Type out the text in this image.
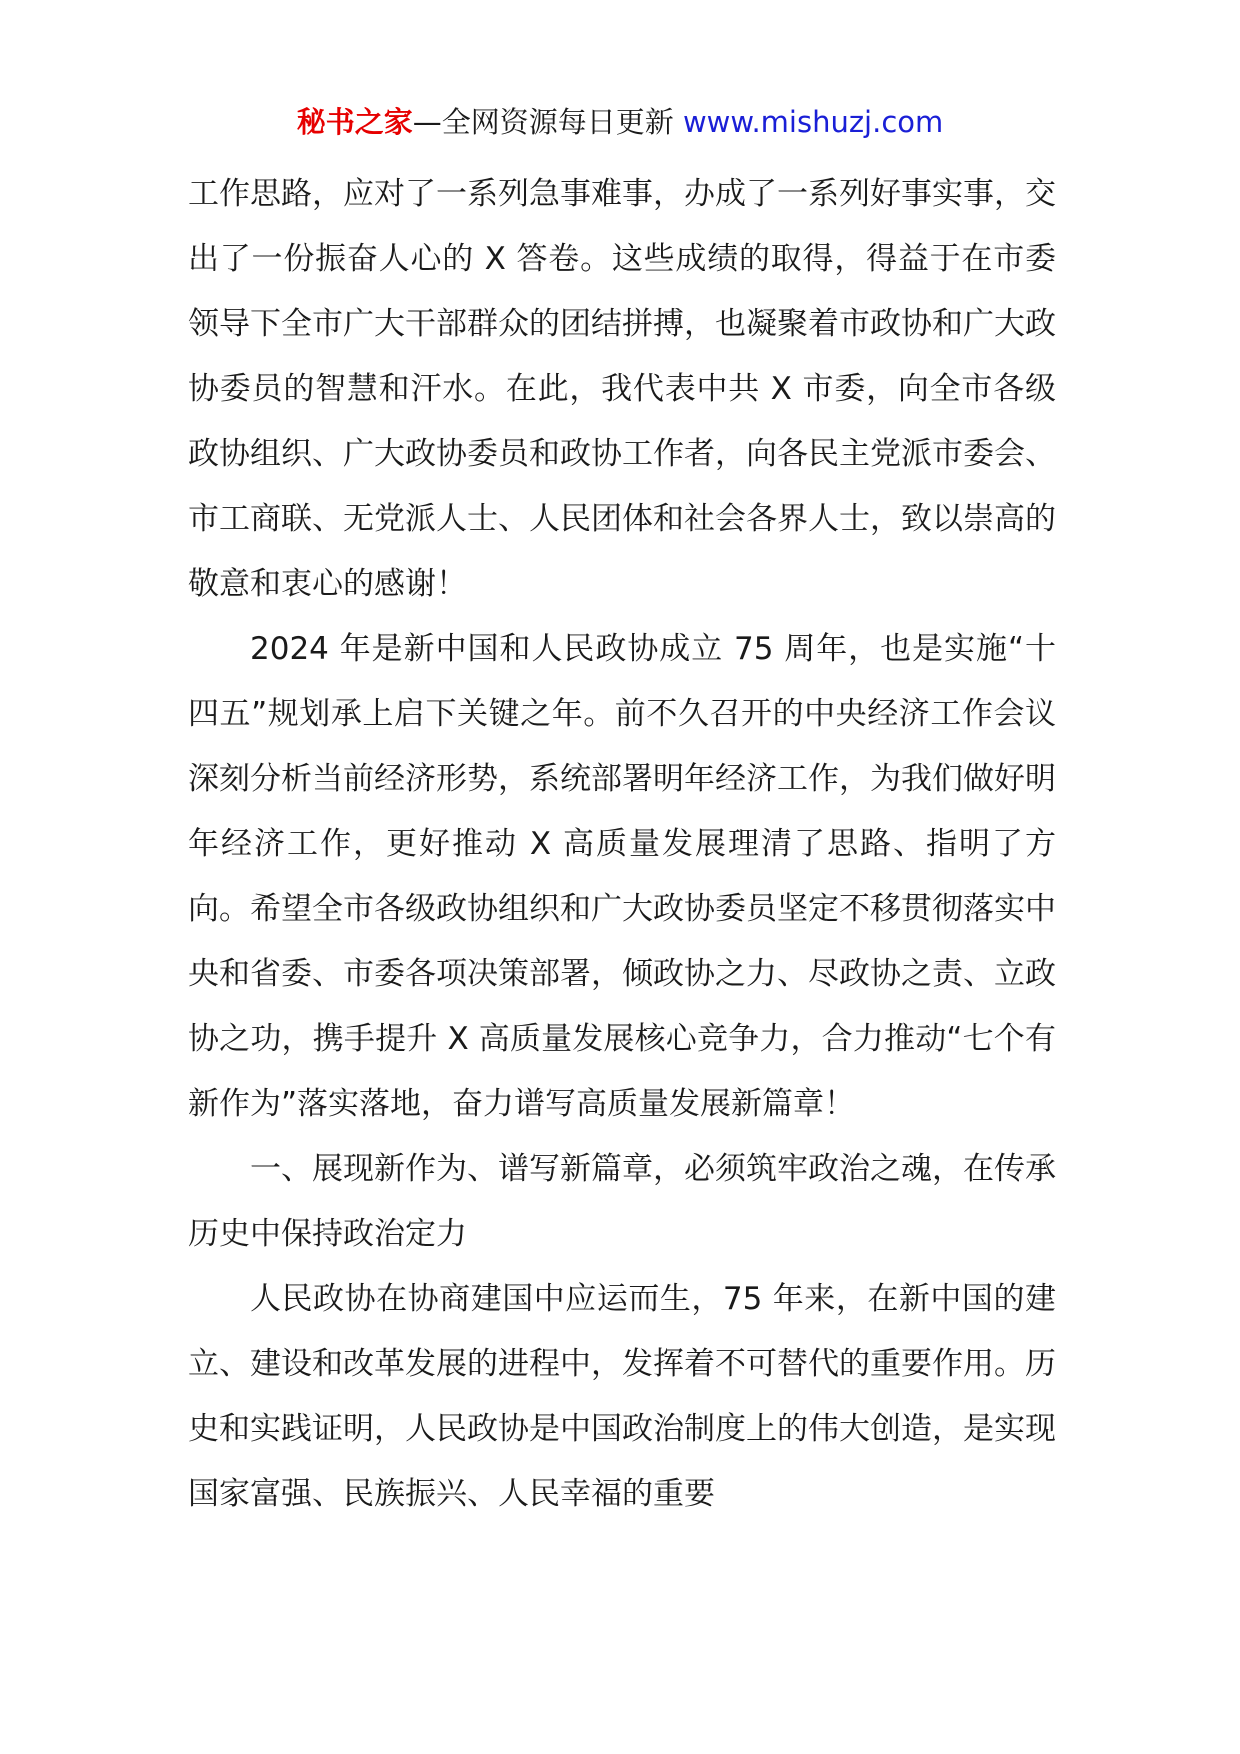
秘书之家—全网资源每日更新 www.mishuzj.com

工作思路，应对了一系列急事难事，办成了一系列好事实事，交出了一份振奋人心的 X 答卷。这些成绩的取得，得益于在市委领导下全市广大干部群众的团结拼搏，也凝聚着市政协和广大政协委员的智慧和汗水。在此，我代表中共 X 市委，向全市各级政协组织、广大政协委员和政协工作者，向各民主党派市委会、市工商联、无党派人士、人民团体和社会各界人士，致以崇高的敬意和衷心的感谢！

2024 年是新中国和人民政协成立 75 周年，也是实施“十四五”规划承上启下关键之年。前不久召开的中央经济工作会议深刻分析当前经济形势，系统部署明年经济工作，为我们做好明年经济工作，更好推动 X 高质量发展理清了思路、指明了方向。希望全市各级政协组织和广大政协委员坚定不移贯彻落实中央和省委、市委各项决策部署，倾政协之力、尽政协之责、立政协之功，携手提升 X 高质量发展核心竞争力，合力推动“七个有新作为”落实落地，奋力谱写高质量发展新篇章！

一、展现新作为、谱写新篇章，必须筑牢政治之魂，在传承历史中保持政治定力

人民政协在协商建国中应运而生，75 年来，在新中国的建立、建设和改革发展的进程中，发挥着不可替代的重要作用。历史和实践证明，人民政协是中国政治制度上的伟大创造，是实现国家富强、民族振兴、人民幸福的重要
